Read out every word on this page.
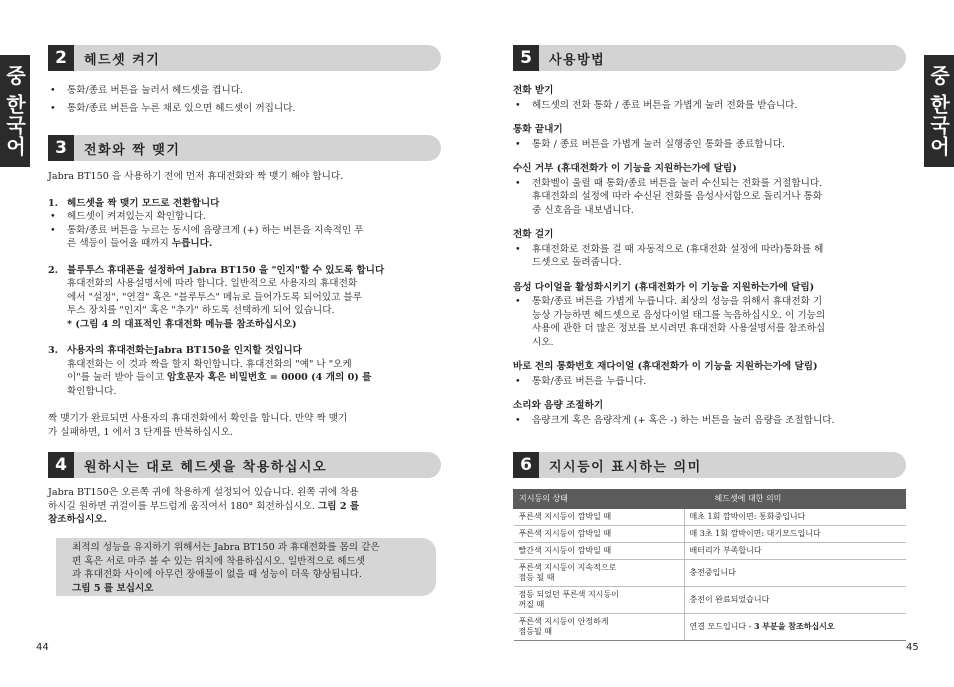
중 한국어	중 한국어
2	헤드셋 켜기
• 통화/종료 버튼을 눌러서 헤드셋을 켭니다.
• 통화/종료 버튼을 누른 채로 있으면 헤드셋이 꺼집니다.
3	전화와 짝 맺기

Jabra BT150 을 사용하기 전에 먼저 휴대전화와 짝 맺기 해야 합니다.

1. 헤드셋을 짝 맺기 모드로 전환합니다
• 헤드셋이 켜져있는지 확인합니다.
• 통화/종료 버튼을 누르는 동시에 음량크게 (+) 하는 버튼을 지속적인 푸
른 색등이 들어올 때까지 누릅니다.
2. 블루투스 휴대폰을 설정하여 Jabra BT150 을 "인지"할 수 있도록 합니다
휴대전화의 사용설명서에 따라 합니다. 일반적으로 사용자의 휴대전화
에서 "설정", "연결" 혹은 "블루투스" 메뉴로 들어가도록 되어있고 블루
투스 장치를 "인지" 혹은 "추가" 하도록 선택하게 되어 있습니다.
* (그림 4 의 대표적인 휴대전화 메뉴를 참조하십시오)
3. 사용자의 휴대전화는Jabra BT150을 인지할 것입니다
휴대전화는 이 것과 짝을 할지 확인합니다. 휴대전화의 "예" 나 "오케
이"를 눌러 받아 들이고 암호문자 혹은 비밀번호 = 0000 (4 개의 0) 를
확인합니다.

짝 맺기가 완료되면 사용자의 휴대전화에서 확인을 합니다. 만약 짝 맺기
가 실패하면, 1 에서 3 단계를 반복하십시오.

4	원하시는 대로 헤드셋을 착용하십시오

Jabra BT150은 오른쪽 귀에 착용하게 설정되어 있습니다. 왼쪽 귀에 착용
하시길 원하면 귀걸이를 부드럽게 움직여서 180° 회전하십시오. 그림 2 를
참조하십시오.

최적의 성능을 유지하기 위해서는 Jabra BT150 과 휴대전화를 몸의 같은
편 혹은 서로 마주 볼 수 있는 위치에 착용하십시오. 일반적으로 헤드셋
과 휴대전화 사이에 아무런 장애물이 없을 때 성능이 더욱 향상됩니다.
그림 5 를 보십시오
44
5	사용방법
전화 받기
• 헤드셋의 전화 통화 / 종료 버튼을 가볍게 눌러 전화를 받습니다.
통화 끝내기
• 통화 / 종료 버튼을 가볍게 눌러 실행중인 통화를 종료합니다.
수신 거부 (휴대전화가 이 기능을 지원하는가에 달림)
• 전화벨이 울릴 때 통화/종료 버튼을 눌러 수신되는 전화를 거절합니다.
휴대전화의 설정에 따라 수신된 전화를 음성사서함으로 돌리거나 통화
중 신호음을 내보냅니다.
전화 걸기
• 휴대전화로 전화를 걸 때 자동적으로 (휴대전화 설정에 따라)통화를 헤
드셋으로 돌려줍니다.
음성 다이얼을 활성화시키기 (휴대전화가 이 기능을 지원하는가에 달림)
• 통화/종료 버튼을 가볍게 누릅니다. 최상의 성능을 위해서 휴대전화 기
능상 가능하면 헤드셋으로 음성다이얼 태그를 녹음하십시오. 이 기능의
사용에 관한 더 많은 정보를 보시려면 휴대전화 사용설명서를 참조하십
시오.
바로 전의 통화번호 재다이얼 (휴대전화가 이 기능을 지원하는가에 달림)
• 통화/종료 버튼을 누릅니다.
소리와 음량 조절하기
• 음량크게 혹은 음량작게 (+ 혹은 -) 하는 버튼을 눌러 음량을 조절합니다.
6	지시등이 표시하는 의미
지시등의 상태	헤드셋에 대한 의미
푸른색 지시등이 깜박일 때	매초 1회 깜박이면: 통화중입니다
푸른색 지시등이 깜박일 때	매 3초 1회 깜박이면: 대기모드입니다
빨간색 지시등이 깜박일 때	배터리가 부족합니다
푸른색 지시등이 지속적으로
점등 될 때	충전중입니다
점등 되었던 푸른색 지시등이
꺼질 때	충전이 완료되었습니다
푸른색 지시등이 안정하게
점등될 때	연결 모드입니다 - 3 부분을 참조하십시오
45
